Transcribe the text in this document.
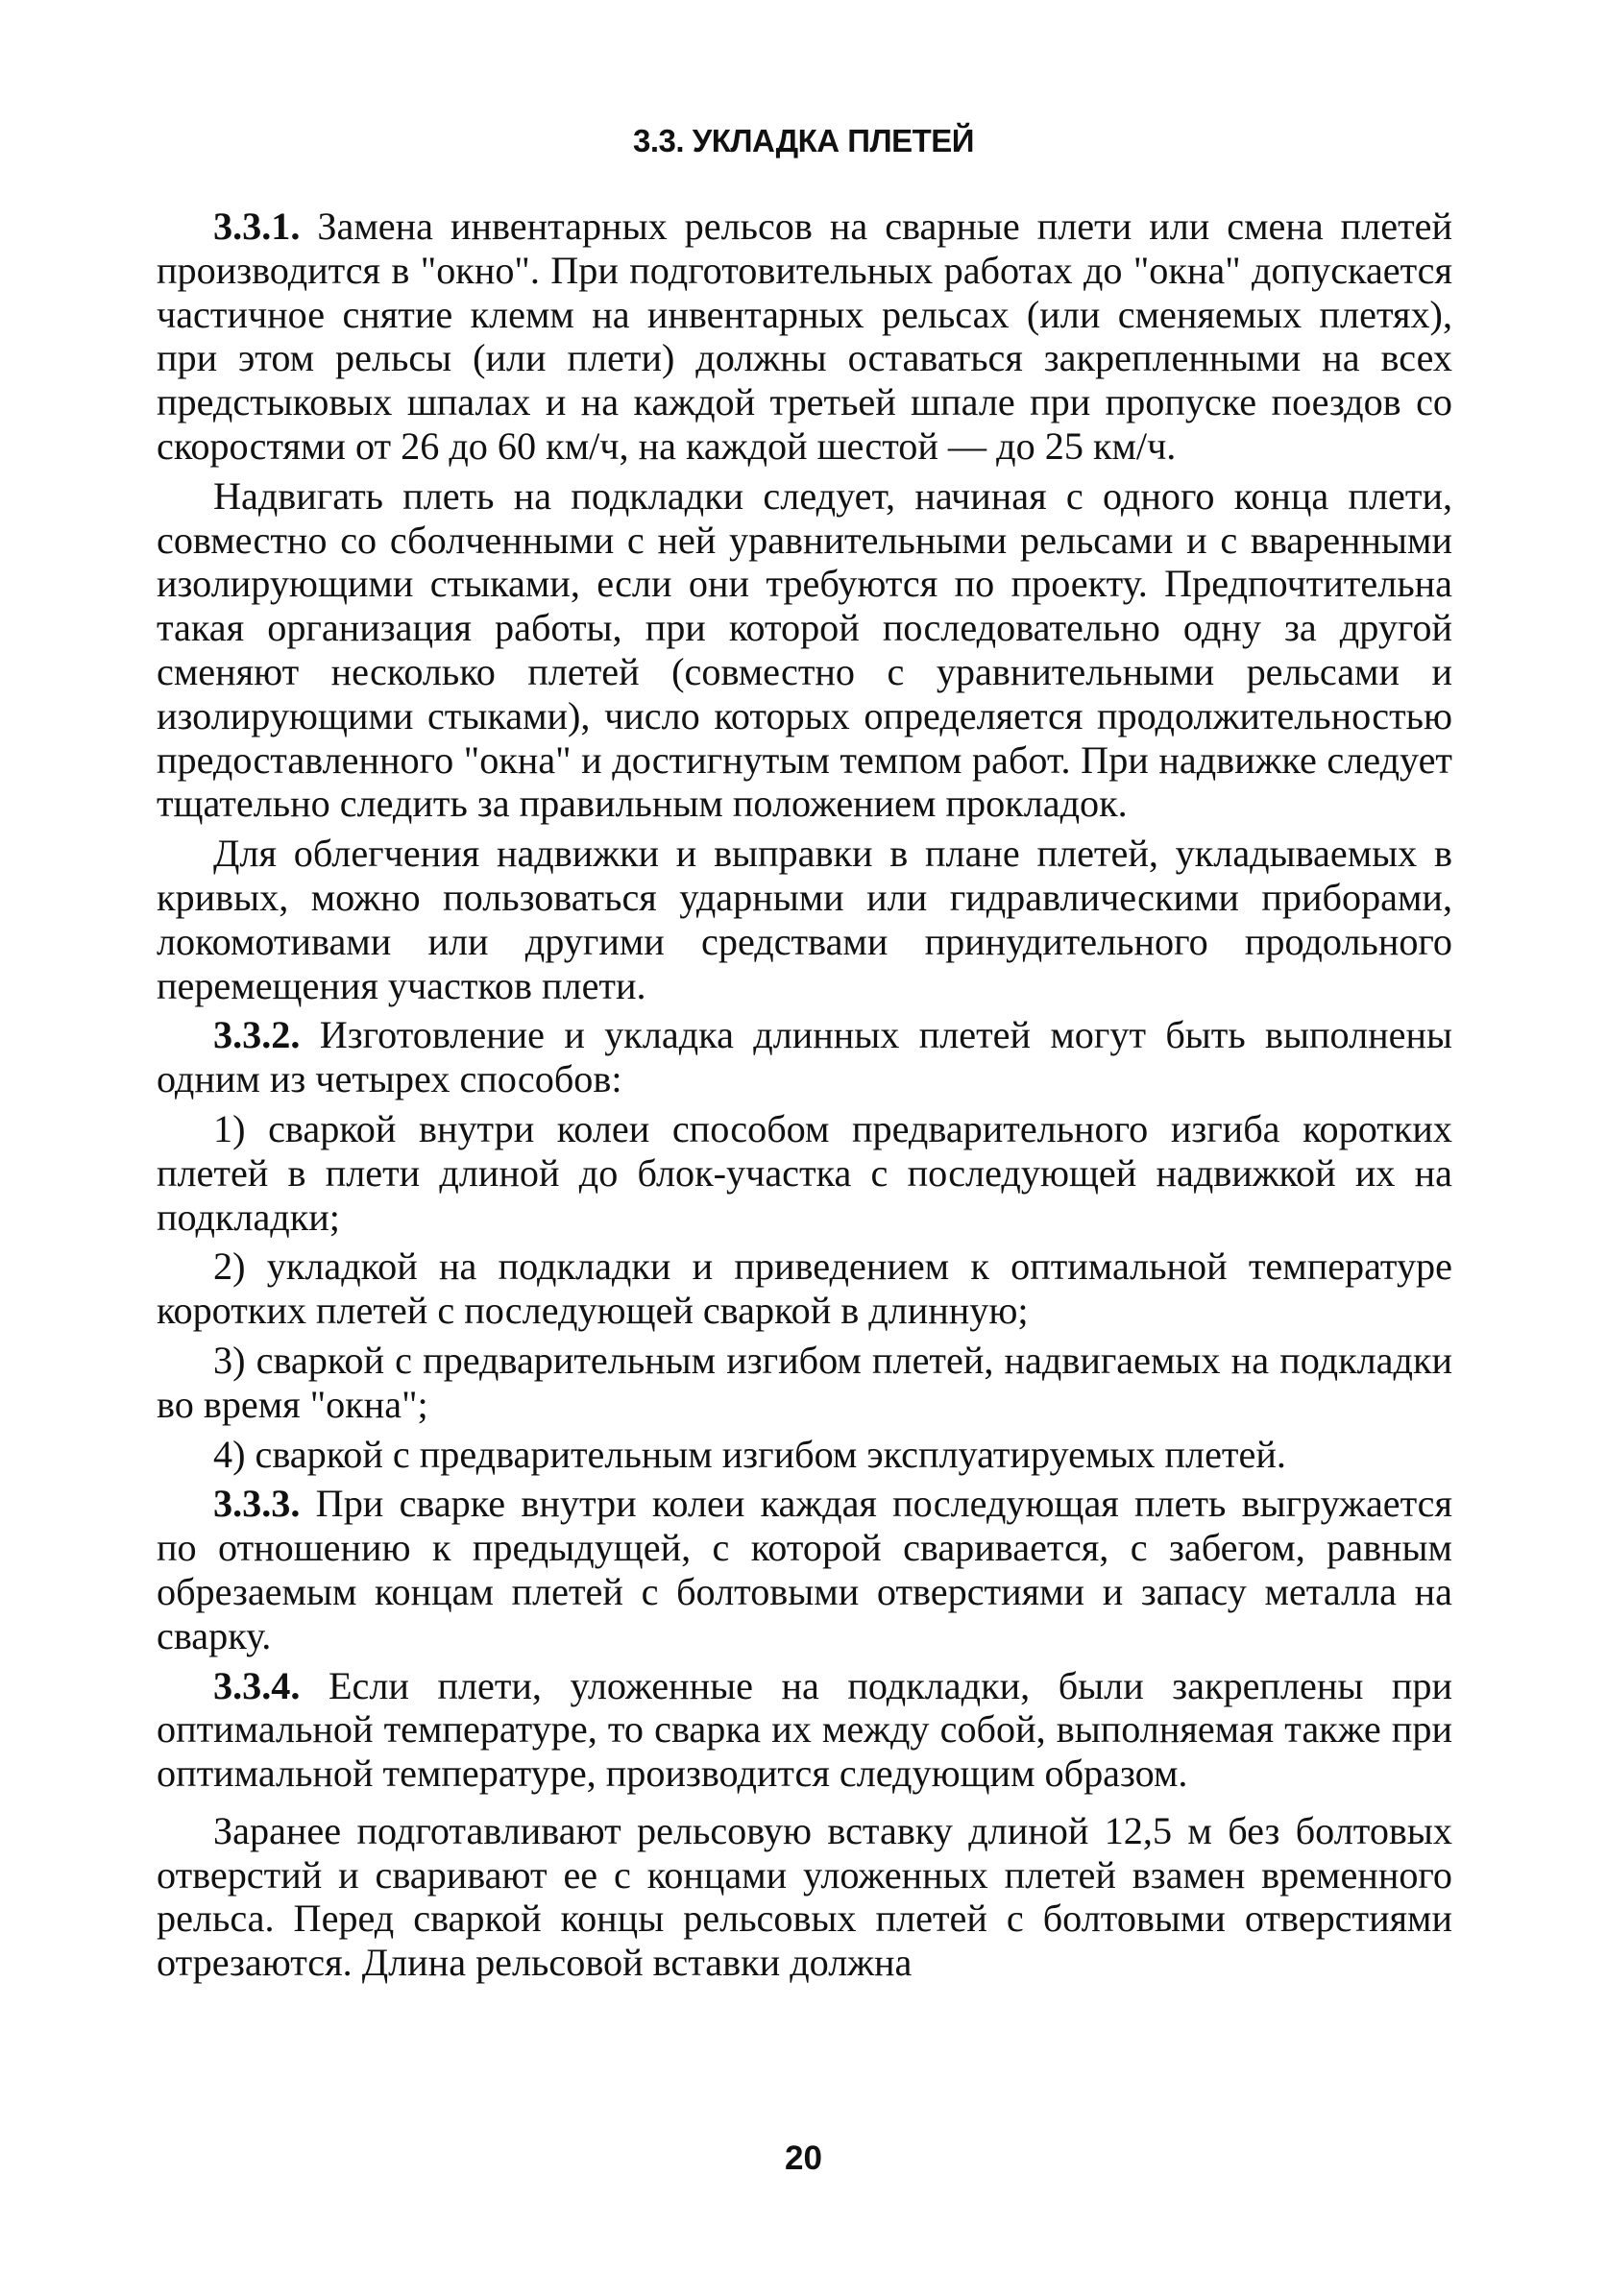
3.3. УКЛАДКА ПЛЕТЕЙ

3.3.1. Замена инвентарных рельсов на сварные плети или смена плетей производится в "окно". При подготовительных работах до "окна" допускается частичное снятие клемм на инвентарных рельсах (или сменяемых плетях), при этом рельсы (или плети) должны оставаться закрепленными на всех предстыковых шпалах и на каждой третьей шпале при пропуске поездов со скоростями от 26 до 60 км/ч, на каждой шестой — до 25 км/ч.

Надвигать плеть на подкладки следует, начиная с одного конца плети, совместно со сболченными с ней уравнительными рельсами и с вваренными изолирующими стыками, если они требуются по проекту. Предпочтительна такая организация работы, при которой последовательно одну за другой сменяют несколько плетей (совместно с уравнительными рельсами и изолирующими стыками), число которых определяется продолжительностью предоставленного "окна" и достигнутым темпом работ. При надвижке следует тщательно следить за правильным положением прокладок.

Для облегчения надвижки и выправки в плане плетей, укладываемых в кривых, можно пользоваться ударными или гидравлическими приборами, локомотивами или другими средствами принудительного продольного перемещения участков плети.

3.3.2. Изготовление и укладка длинных плетей могут быть выполнены одним из четырех способов:

1) сваркой внутри колеи способом предварительного изгиба коротких плетей в плети длиной до блок-участка с последующей надвижкой их на подкладки;

2) укладкой на подкладки и приведением к оптимальной температуре коротких плетей с последующей сваркой в длинную;

3) сваркой с предварительным изгибом плетей, надвигаемых на подкладки во время "окна";

4) сваркой с предварительным изгибом эксплуатируемых плетей.

3.3.3. При сварке внутри колеи каждая последующая плеть выгружается по отношению к предыдущей, с которой сваривается, с забегом, равным обрезаемым концам плетей с болтовыми отверстиями и запасу металла на сварку.

3.3.4. Если плети, уложенные на подкладки, были закреплены при оптимальной температуре, то сварка их между собой, выполняемая также при оптимальной температуре, производится следующим образом.

Заранее подготавливают рельсовую вставку длиной 12,5 м без болтовых отверстий и сваривают ее с концами уложенных плетей взамен временного рельса. Перед сваркой концы рельсовых плетей с болтовыми отверстиями отрезаются. Длина рельсовой вставки должна

20
